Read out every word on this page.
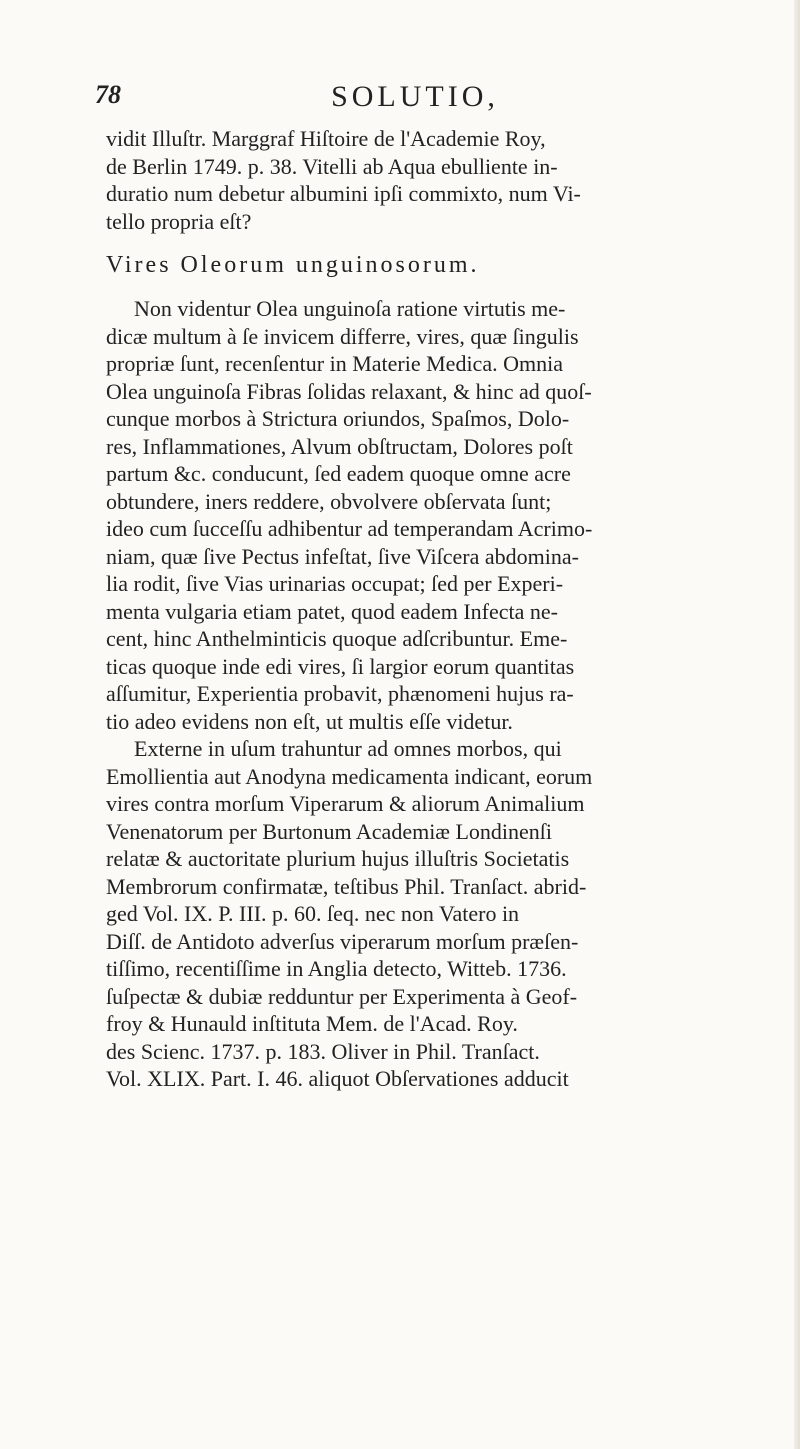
78	SOLUTIO,
vidit Illuſtr. Marggraf Hiſtoire de l'Academie Roy,
de Berlin 1749. p. 38. Vitelli ab Aqua ebulliente in-
duratio num debetur albumini ipſi commixto, num Vi-
tello propria eſt?
Vires Oleorum unguinosorum.
Non videntur Olea unguinoſa ratione virtutis me-
dicæ multum à ſe invicem differre, vires, quæ ſingulis
propriæ ſunt, recenſentur in Materie Medica. Omnia
Olea unguinoſa Fibras ſolidas relaxant, & hinc ad quoſ-
cunque morbos à Strictura oriundos, Spaſmos, Dolo-
res, Inflammationes, Alvum obſtructam, Dolores poſt
partum &c. conducunt, ſed eadem quoque omne acre
obtundere, iners reddere, obvolvere obſervata ſunt;
ideo cum ſucceſſu adhibentur ad temperandam Acrimo-
niam, quæ ſive Pectus infeſtat, ſive Viſcera abdomina-
lia rodit, ſive Vias urinarias occupat; ſed per Experi-
menta vulgaria etiam patet, quod eadem Infecta ne-
cent, hinc Anthelminticis quoque adſcribuntur. Eme-
ticas quoque inde edi vires, ſi largior eorum quantitas
aſſumitur, Experientia probavit, phænomeni hujus ra-
tio adeo evidens non eſt, ut multis eſſe videtur.
Externe in uſum trahuntur ad omnes morbos, qui
Emollientia aut Anodyna medicamenta indicant, eorum
vires contra morſum Viperarum & aliorum Animalium
Venenatorum per Burtonum Academiæ Londinenſi
relatæ & auctoritate plurium hujus illuſtris Societatis
Membrorum confirmatæ, teſtibus Phil. Tranſact. abrid-
ged Vol. IX. P. III. p. 60. ſeq. nec non Vatero in
Diſſ. de Antidoto adverſus viperarum morſum præſen-
tiſſimo, recentiſſime in Anglia detecto, Witteb. 1736.
ſuſpectæ & dubiæ redduntur per Experimenta à Geof-
froy & Hunauld inſtituta Mem. de l'Acad. Roy.
des Scienc. 1737. p. 183. Oliver in Phil. Tranſact.
Vol. XLIX. Part. I. 46. aliquot Obſervationes adducit
